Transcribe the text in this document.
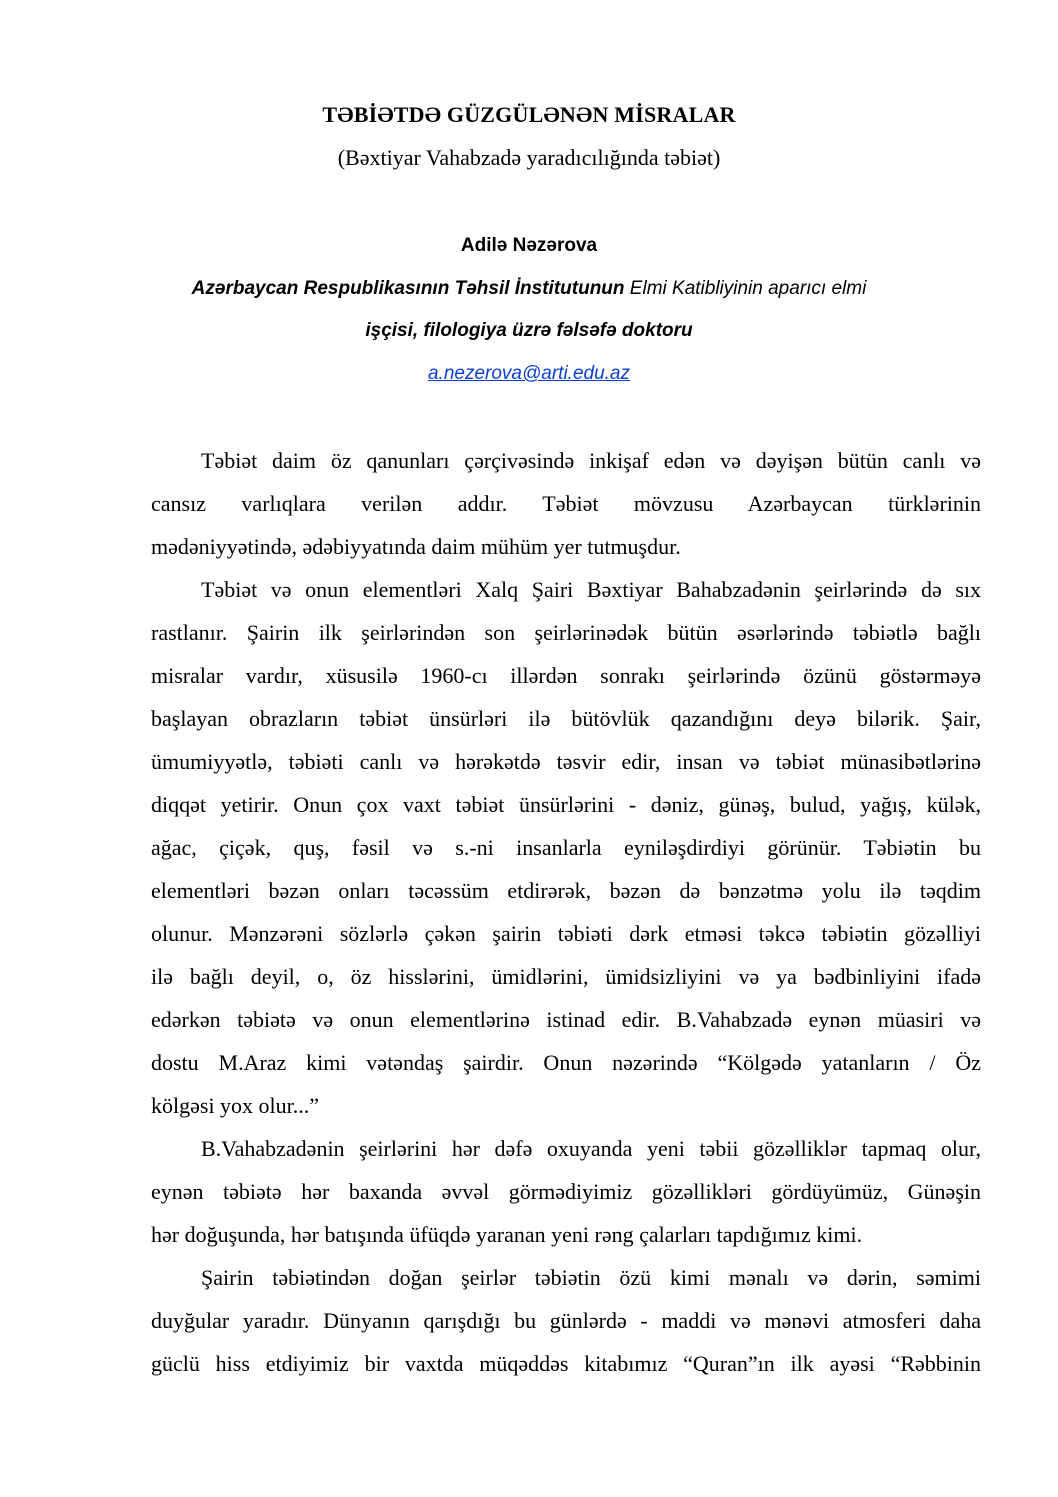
TƏBİƏTDƏ GÜZGÜLƏNƏN MİSRALAR
(Bəxtiyar Vahabzadə yaradıcılığında təbiət)
Adilə Nəzərova
Azərbaycan Respublikasının Təhsil İnstitutunun Elmi Katibliyinin aparıcı elmi
işçisi, filologiya üzrə fəlsəfə doktoru
a.nezerova@arti.edu.az
Təbiət daim öz qanunları çərçivəsində inkişaf edən və dəyişən bütün canlı və
cansız varlıqlara verilən addır. Təbiət mövzusu Azərbaycan türklərinin
mədəniyyətində, ədəbiyyatında daim mühüm yer tutmuşdur.
Təbiət və onun elementləri Xalq Şairi Bəxtiyar Bahabzadənin şeirlərində də sıx
rastlanır. Şairin ilk şeirlərindən son şeirlərinədək bütün əsərlərində təbiətlə bağlı
misralar vardır, xüsusilə 1960-cı illərdən sonrakı şeirlərində özünü göstərməyə
başlayan obrazların təbiət ünsürləri ilə bütövlük qazandığını deyə bilərik. Şair,
ümumiyyətlə, təbiəti canlı və hərəkətdə təsvir edir, insan və təbiət münasibətlərinə
diqqət yetirir. Onun çox vaxt təbiət ünsürlərini - dəniz, günəş, bulud, yağış, külək,
ağac, çiçək, quş, fəsil və s.-ni insanlarla eyniləşdirdiyi görünür. Təbiətin bu
elementləri bəzən onları təcəssüm etdirərək, bəzən də bənzətmə yolu ilə təqdim
olunur. Mənzərəni sözlərlə çəkən şairin təbiəti dərk etməsi təkcə təbiətin gözəlliyi
ilə bağlı deyil, o, öz hisslərini, ümidlərini, ümidsizliyini və ya bədbinliyini ifadə
edərkən təbiətə və onun elementlərinə istinad edir. B.Vahabzadə eynən müasiri və
dostu M.Araz kimi vətəndaş şairdir. Onun nəzərində “Kölgədə yatanların / Öz
kölgəsi yox olur...”
B.Vahabzadənin şeirlərini hər dəfə oxuyanda yeni təbii gözəlliklər tapmaq olur,
eynən təbiətə hər baxanda əvvəl görmədiyimiz gözəllikləri gördüyümüz, Günəşin
hər doğuşunda, hər batışında üfüqdə yaranan yeni rəng çalarları tapdığımız kimi.
Şairin təbiətindən doğan şeirlər təbiətin özü kimi mənalı və dərin, səmimi
duyğular yaradır. Dünyanın qarışdığı bu günlərdə - maddi və mənəvi atmosferi daha
güclü hiss etdiyimiz bir vaxtda müqəddəs kitabımız “Quran”ın ilk ayəsi “Rəbbinin
